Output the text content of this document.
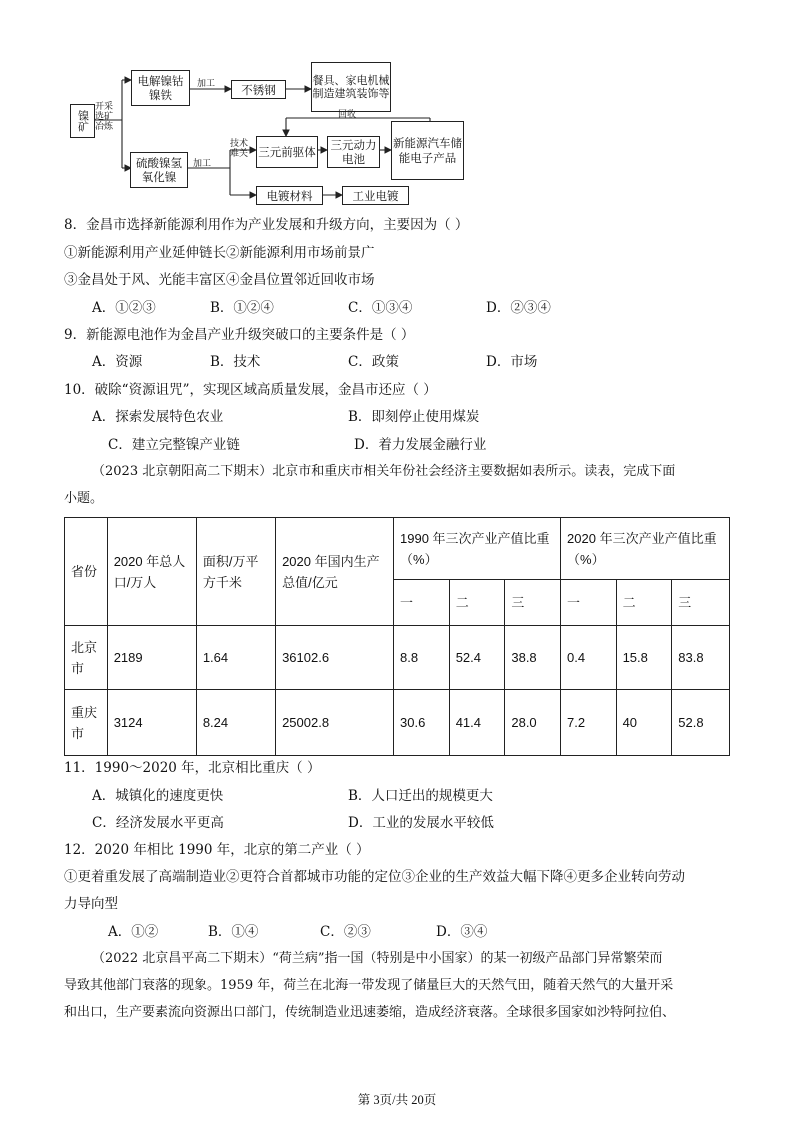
镍矿
开采选矿冶炼
电解镍钴镍铁
加工	不锈钢
餐具、家电机械制造建筑装饰等
回收
硫酸镍氢氧化镍
加工
技术难关 三元前驱体	三元动力电池
新能源汽车储能电子产品
电镀材料	工业电镀
8．金昌市选择新能源利用作为产业发展和升级方向，主要因为（ ）
①新能源利用产业延伸链长②新能源利用市场前景广
③金昌处于风、光能丰富区④金昌位置邻近回收市场
A．①②③	B．①②④	C．①③④	D．②③④
9．新能源电池作为金昌产业升级突破口的主要条件是（ ）
A．资源	B．技术	C．政策	D．市场
10．破除“资源诅咒”，实现区域高质量发展，金昌市还应（ ）
A．探索发展特色农业	B．即刻停止使用煤炭
C．建立完整镍产业链	D．着力发展金融行业
（2023 北京朝阳高二下期末）北京市和重庆市相关年份社会经济主要数据如表所示。读表，完成下面
小题。
省份	2020 年总人口/万人	面积/万平方千米	2020 年国内生产总值/亿元	1990 年三次产业产值比重（%）			2020 年三次产业产值比重（%）		
				一	二	三	一	二	三
北京市	2189	1.64	36102.6	8.8	52.4	38.8	0.4	15.8	83.8
重庆市	3124	8.24	25002.8	30.6	41.4	28.0	7.2	40	52.8
11．1990～2020 年，北京相比重庆（ ）
A．城镇化的速度更快	B．人口迁出的规模更大
C．经济发展水平更高	D．工业的发展水平较低
12．2020 年相比 1990 年，北京的第二产业（ ）
①更着重发展了高端制造业②更符合首都城市功能的定位③企业的生产效益大幅下降④更多企业转向劳动
力导向型
A．①②	B．①④	C．②③	D．③④
（2022 北京昌平高二下期末）“荷兰病”指一国（特别是中小国家）的某一初级产品部门异常繁荣而
导致其他部门衰落的现象。1959 年，荷兰在北海一带发现了储量巨大的天然气田，随着天然气的大量开采
和出口，生产要素流向资源出口部门，传统制造业迅速萎缩，造成经济衰落。全球很多国家如沙特阿拉伯、
第 3页/共 20页
